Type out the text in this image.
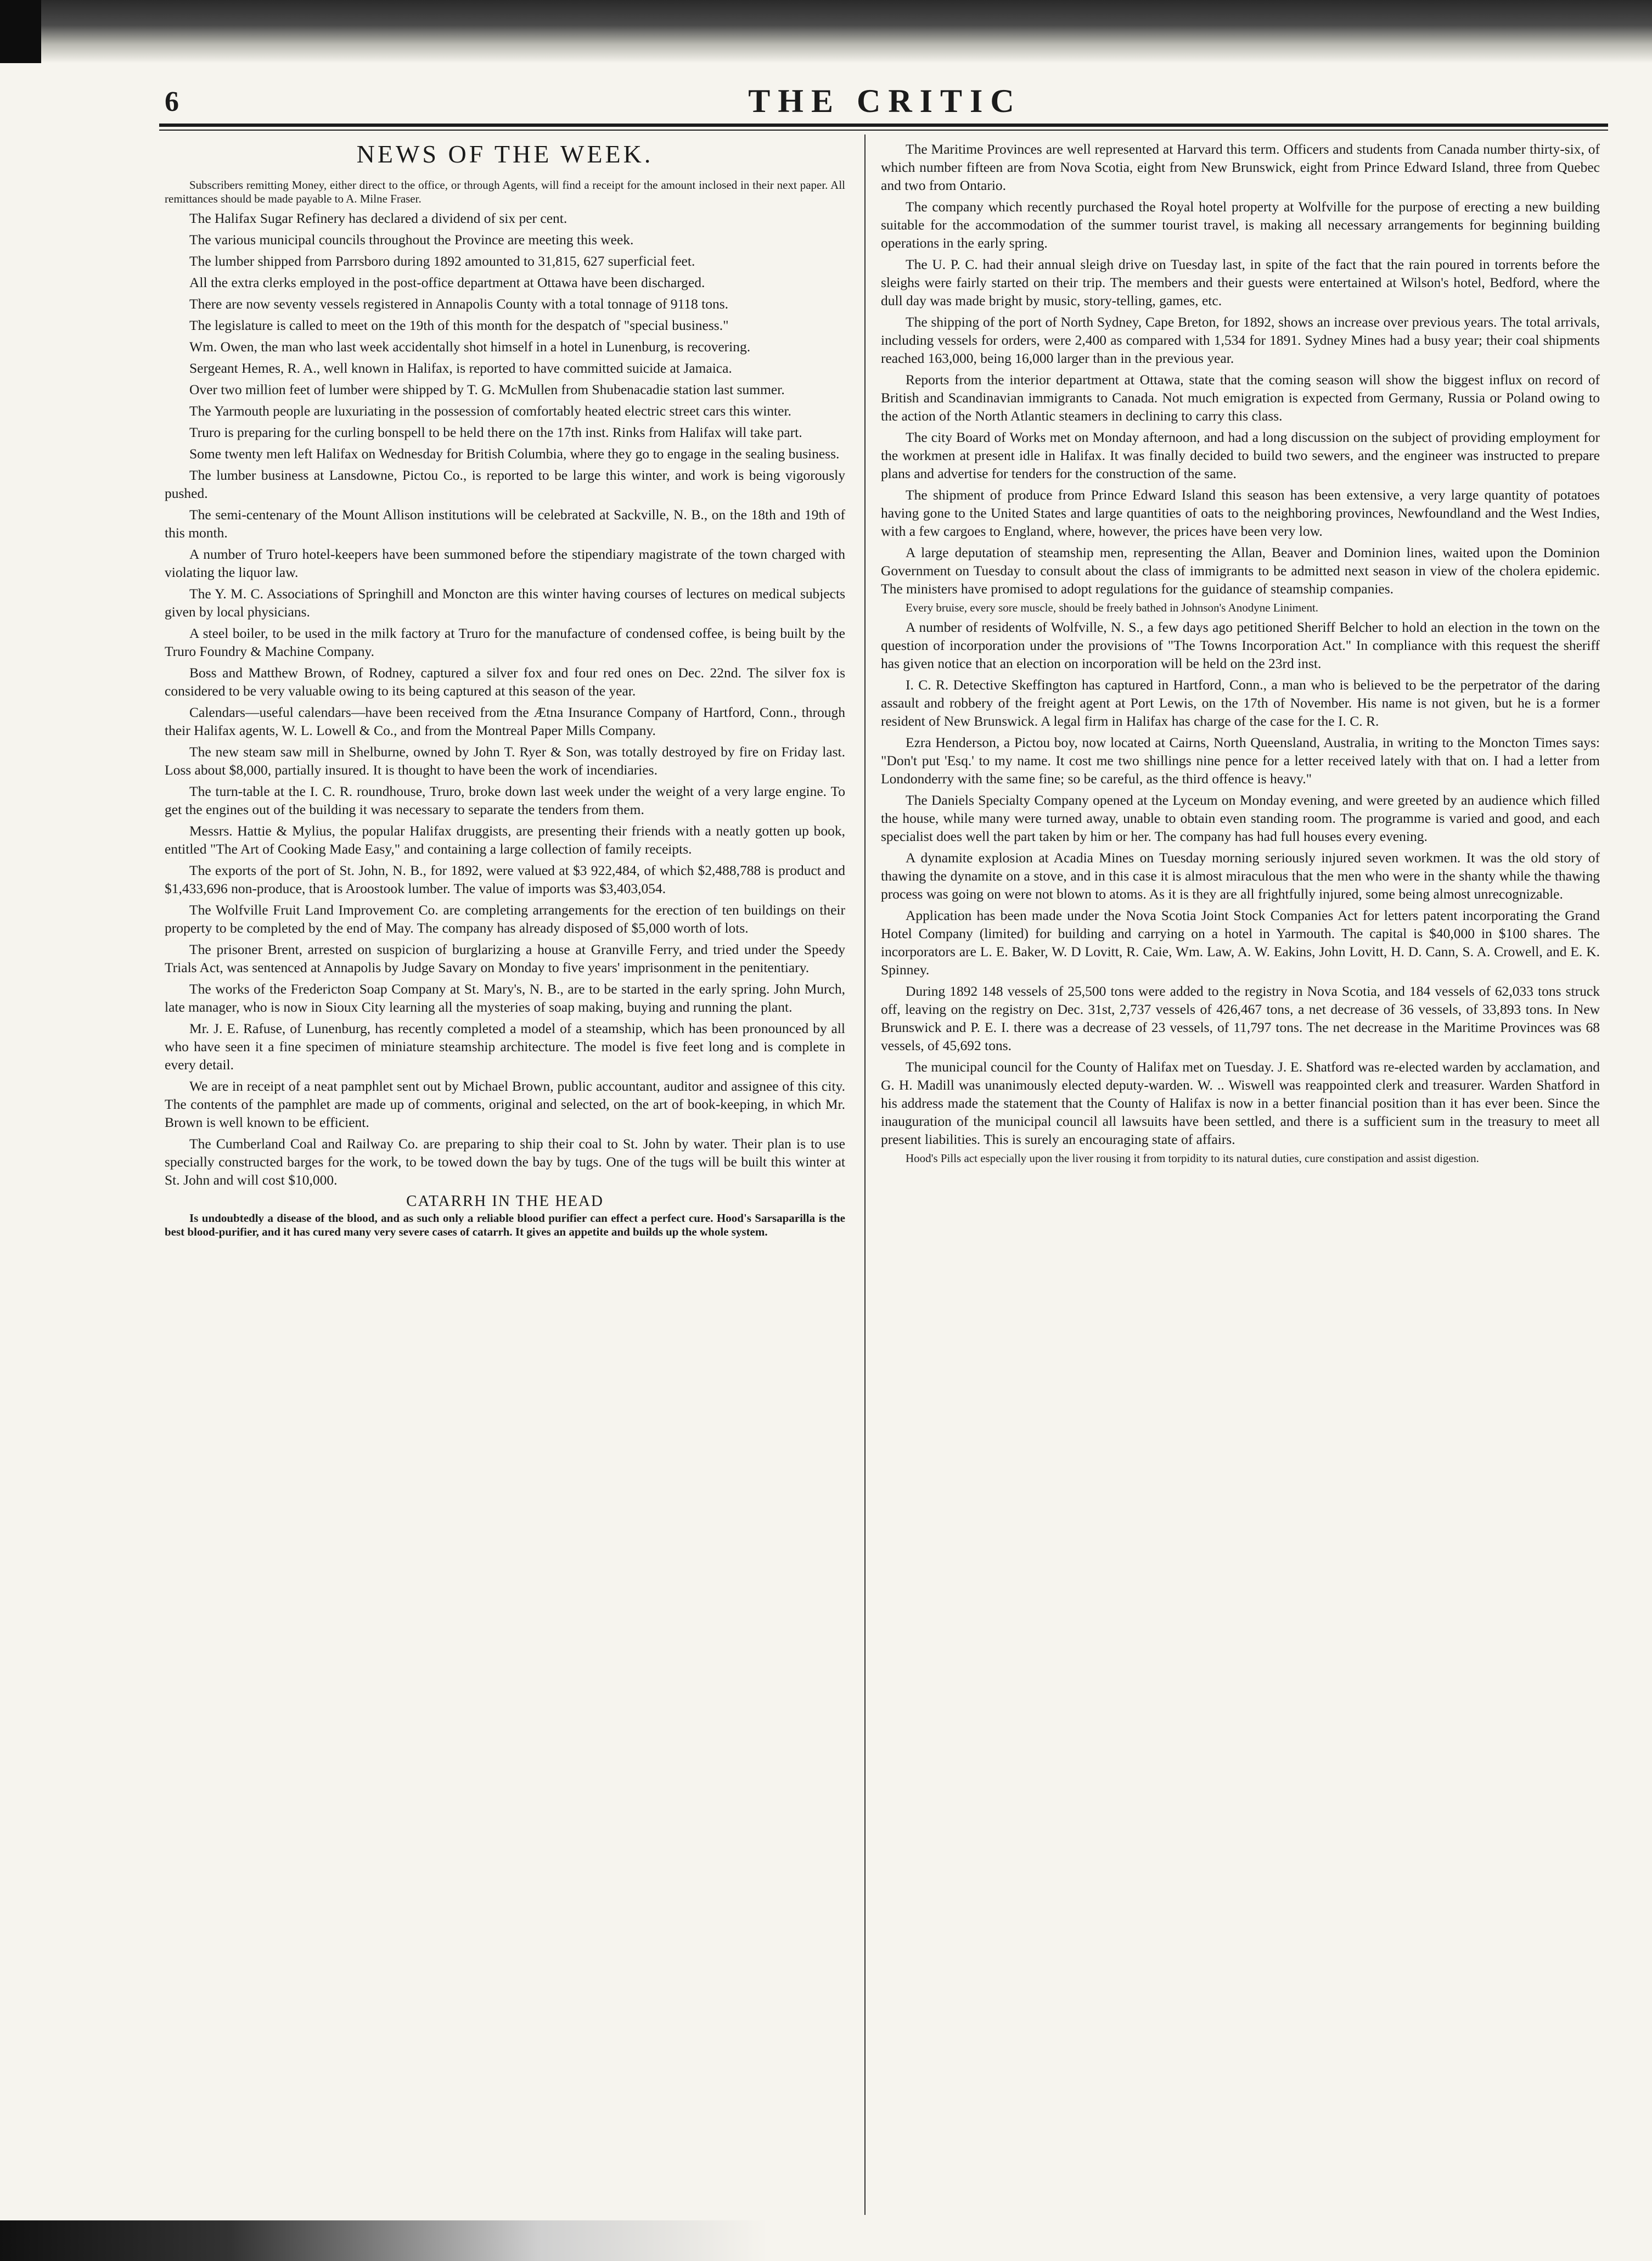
6	THE CRITIC

NEWS OF THE WEEK.

Subscribers remitting Money, either direct to the office, or through Agents, will find a receipt for the amount inclosed in their next paper. All remittances should be made payable to A. Milne Fraser.

The Halifax Sugar Refinery has declared a dividend of six per cent.

The various municipal councils throughout the Province are meeting this week.

The lumber shipped from Parrsboro during 1892 amounted to 31,815, 627 superficial feet.

All the extra clerks employed in the post-office department at Ottawa have been discharged.

There are now seventy vessels registered in Annapolis County with a total tonnage of 9118 tons.

The legislature is called to meet on the 19th of this month for the despatch of "special business."

Wm. Owen, the man who last week accidentally shot himself in a hotel in Lunenburg, is recovering.

Sergeant Hemes, R. A., well known in Halifax, is reported to have committed suicide at Jamaica.

Over two million feet of lumber were shipped by T. G. McMullen from Shubenacadie station last summer.

The Yarmouth people are luxuriating in the possession of comfortably heated electric street cars this winter.

Truro is preparing for the curling bonspell to be held there on the 17th inst. Rinks from Halifax will take part.

Some twenty men left Halifax on Wednesday for British Columbia, where they go to engage in the sealing business.

The lumber business at Lansdowne, Pictou Co., is reported to be large this winter, and work is being vigorously pushed.

The semi-centenary of the Mount Allison institutions will be celebrated at Sackville, N. B., on the 18th and 19th of this month.

A number of Truro hotel-keepers have been summoned before the stipendiary magistrate of the town charged with violating the liquor law.

The Y. M. C. Associations of Springhill and Moncton are this winter having courses of lectures on medical subjects given by local physicians.

A steel boiler, to be used in the milk factory at Truro for the manufacture of condensed coffee, is being built by the Truro Foundry & Machine Company.

Boss and Matthew Brown, of Rodney, captured a silver fox and four red ones on Dec. 22nd. The silver fox is considered to be very valuable owing to its being captured at this season of the year.

Calendars—useful calendars—have been received from the Ætna Insurance Company of Hartford, Conn., through their Halifax agents, W. L. Lowell & Co., and from the Montreal Paper Mills Company.

The new steam saw mill in Shelburne, owned by John T. Ryer & Son, was totally destroyed by fire on Friday last. Loss about $8,000, partially insured. It is thought to have been the work of incendiaries.

The turn-table at the I. C. R. roundhouse, Truro, broke down last week under the weight of a very large engine. To get the engines out of the building it was necessary to separate the tenders from them.

Messrs. Hattie & Mylius, the popular Halifax druggists, are presenting their friends with a neatly gotten up book, entitled "The Art of Cooking Made Easy," and containing a large collection of family receipts.

The exports of the port of St. John, N. B., for 1892, were valued at $3 922,484, of which $2,488,788 is product and $1,433,696 non-produce, that is Aroostook lumber. The value of imports was $3,403,054.

The Wolfville Fruit Land Improvement Co. are completing arrangements for the erection of ten buildings on their property to be completed by the end of May. The company has already disposed of $5,000 worth of lots.

The prisoner Brent, arrested on suspicion of burglarizing a house at Granville Ferry, and tried under the Speedy Trials Act, was sentenced at Annapolis by Judge Savary on Monday to five years' imprisonment in the penitentiary.

The works of the Fredericton Soap Company at St. Mary's, N. B., are to be started in the early spring. John Murch, late manager, who is now in Sioux City learning all the mysteries of soap making, buying and running the plant.

Mr. J. E. Rafuse, of Lunenburg, has recently completed a model of a steamship, which has been pronounced by all who have seen it a fine specimen of miniature steamship architecture. The model is five feet long and is complete in every detail.

We are in receipt of a neat pamphlet sent out by Michael Brown, public accountant, auditor and assignee of this city. The contents of the pamphlet are made up of comments, original and selected, on the art of book-keeping, in which Mr. Brown is well known to be efficient.

The Cumberland Coal and Railway Co. are preparing to ship their coal to St. John by water. Their plan is to use specially constructed barges for the work, to be towed down the bay by tugs. One of the tugs will be built this winter at St. John and will cost $10,000.

CATARRH IN THE HEAD

Is undoubtedly a disease of the blood, and as such only a reliable blood purifier can effect a perfect cure. Hood's Sarsaparilla is the best blood-purifier, and it has cured many very severe cases of catarrh. It gives an appetite and builds up the whole system.

The Maritime Provinces are well represented at Harvard this term. Officers and students from Canada number thirty-six, of which number fifteen are from Nova Scotia, eight from New Brunswick, eight from Prince Edward Island, three from Quebec and two from Ontario.

The company which recently purchased the Royal hotel property at Wolfville for the purpose of erecting a new building suitable for the accommodation of the summer tourist travel, is making all necessary arrangements for beginning building operations in the early spring.

The U. P. C. had their annual sleigh drive on Tuesday last, in spite of the fact that the rain poured in torrents before the sleighs were fairly started on their trip. The members and their guests were entertained at Wilson's hotel, Bedford, where the dull day was made bright by music, story-telling, games, etc.

The shipping of the port of North Sydney, Cape Breton, for 1892, shows an increase over previous years. The total arrivals, including vessels for orders, were 2,400 as compared with 1,534 for 1891. Sydney Mines had a busy year; their coal shipments reached 163,000, being 16,000 larger than in the previous year.

Reports from the interior department at Ottawa, state that the coming season will show the biggest influx on record of British and Scandinavian immigrants to Canada. Not much emigration is expected from Germany, Russia or Poland owing to the action of the North Atlantic steamers in declining to carry this class.

The city Board of Works met on Monday afternoon, and had a long discussion on the subject of providing employment for the workmen at present idle in Halifax. It was finally decided to build two sewers, and the engineer was instructed to prepare plans and advertise for tenders for the construction of the same.

The shipment of produce from Prince Edward Island this season has been extensive, a very large quantity of potatoes having gone to the United States and large quantities of oats to the neighboring provinces, Newfoundland and the West Indies, with a few cargoes to England, where, however, the prices have been very low.

A large deputation of steamship men, representing the Allan, Beaver and Dominion lines, waited upon the Dominion Government on Tuesday to consult about the class of immigrants to be admitted next season in view of the cholera epidemic. The ministers have promised to adopt regulations for the guidance of steamship companies.

Every bruise, every sore muscle, should be freely bathed in Johnson's Anodyne Liniment.

A number of residents of Wolfville, N. S., a few days ago petitioned Sheriff Belcher to hold an election in the town on the question of incorporation under the provisions of "The Towns Incorporation Act." In compliance with this request the sheriff has given notice that an election on incorporation will be held on the 23rd inst.

I. C. R. Detective Skeffington has captured in Hartford, Conn., a man who is believed to be the perpetrator of the daring assault and robbery of the freight agent at Port Lewis, on the 17th of November. His name is not given, but he is a former resident of New Brunswick. A legal firm in Halifax has charge of the case for the I. C. R.

Ezra Henderson, a Pictou boy, now located at Cairns, North Queensland, Australia, in writing to the Moncton Times says: "Don't put 'Esq.' to my name. It cost me two shillings nine pence for a letter received lately with that on. I had a letter from Londonderry with the same fine; so be careful, as the third offence is heavy."

The Daniels Specialty Company opened at the Lyceum on Monday evening, and were greeted by an audience which filled the house, while many were turned away, unable to obtain even standing room. The programme is varied and good, and each specialist does well the part taken by him or her. The company has had full houses every evening.

A dynamite explosion at Acadia Mines on Tuesday morning seriously injured seven workmen. It was the old story of thawing the dynamite on a stove, and in this case it is almost miraculous that the men who were in the shanty while the thawing process was going on were not blown to atoms. As it is they are all frightfully injured, some being almost unrecognizable.

Application has been made under the Nova Scotia Joint Stock Companies Act for letters patent incorporating the Grand Hotel Company (limited) for building and carrying on a hotel in Yarmouth. The capital is $40,000 in $100 shares. The incorporators are L. E. Baker, W. D Lovitt, R. Caie, Wm. Law, A. W. Eakins, John Lovitt, H. D. Cann, S. A. Crowell, and E. K. Spinney.

During 1892 148 vessels of 25,500 tons were added to the registry in Nova Scotia, and 184 vessels of 62,033 tons struck off, leaving on the registry on Dec. 31st, 2,737 vessels of 426,467 tons, a net decrease of 36 vessels, of 33,893 tons. In New Brunswick and P. E. I. there was a decrease of 23 vessels, of 11,797 tons. The net decrease in the Maritime Provinces was 68 vessels, of 45,692 tons.

The municipal council for the County of Halifax met on Tuesday. J. E. Shatford was re-elected warden by acclamation, and G. H. Madill was unanimously elected deputy-warden. W. .. Wiswell was reappointed clerk and treasurer. Warden Shatford in his address made the statement that the County of Halifax is now in a better financial position than it has ever been. Since the inauguration of the municipal council all lawsuits have been settled, and there is a sufficient sum in the treasury to meet all present liabilities. This is surely an encouraging state of affairs.

Hood's Pills act especially upon the liver rousing it from torpidity to its natural duties, cure constipation and assist digestion.
